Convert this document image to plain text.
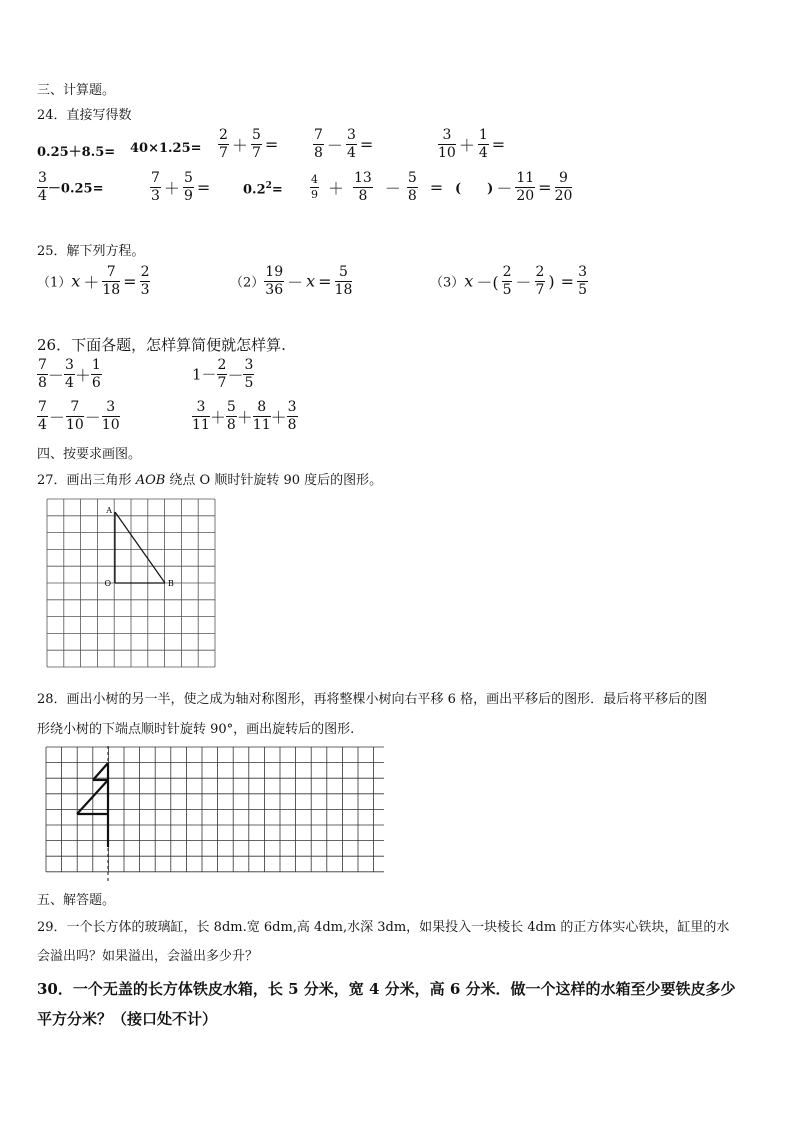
三、计算题。
24．直接写得数
$0.25+8.5= 40\times 1.25= \frac{2}{7} + \frac{5}{7} = \frac{7}{8} - \frac{3}{4}$ =	$\frac{3}{10} + \frac{1}{4}$ =
$\frac{3}{4} -0.25=$	$\frac{7}{3} + \frac{5}{9}$ =	$0.2^2= \frac{4}{9} + \frac{13}{8} - \frac{5}{8}$ = (　　) － $\frac{11}{20} = \frac{9}{20}$
25．解下列方程。
$(1)x + \frac{7}{18} = \frac{2}{3}$	$(2) \frac{19}{36} - x = \frac{5}{18}$	（3）x －( $\frac{2}{5} - \frac{2}{7}$ ) = $\frac{3}{5}$
26．下面各题，怎样算简便就怎样算.
$\frac{7}{8} - \frac{3}{4} + \frac{1}{6}$	$1- \frac{2}{7} - \frac{3}{5}$
$\frac{7}{4} - \frac{7}{10} - \frac{3}{10}$	$\frac{3}{11} + \frac{5}{8} + \frac{8}{11} + \frac{3}{8}$
四、按要求画图。
27．画出三角形 AOB 绕点 O 顺时针旋转 90 度后的图形。
A
O	B
28．画出小树的另一半，使之成为轴对称图形，再将整棵小树向右平移 6 格，画出平移后的图形．最后将平移后的图
形绕小树的下端点顺时针旋转 90°，画出旋转后的图形.
五、解答题。
29．一个长方体的玻璃缸，长 8dm.宽 6dm,高 4dm,水深 3dm，如果投入一块棱长 4dm 的正方体实心铁块，缸里的水
会溢出吗？如果溢出，会溢出多少升？
30．一个无盖的长方体铁皮水箱，长 5 分米，宽 4 分米，高 6 分米．做一个这样的水箱至少要铁皮多少
平方分米？（接口处不计）
